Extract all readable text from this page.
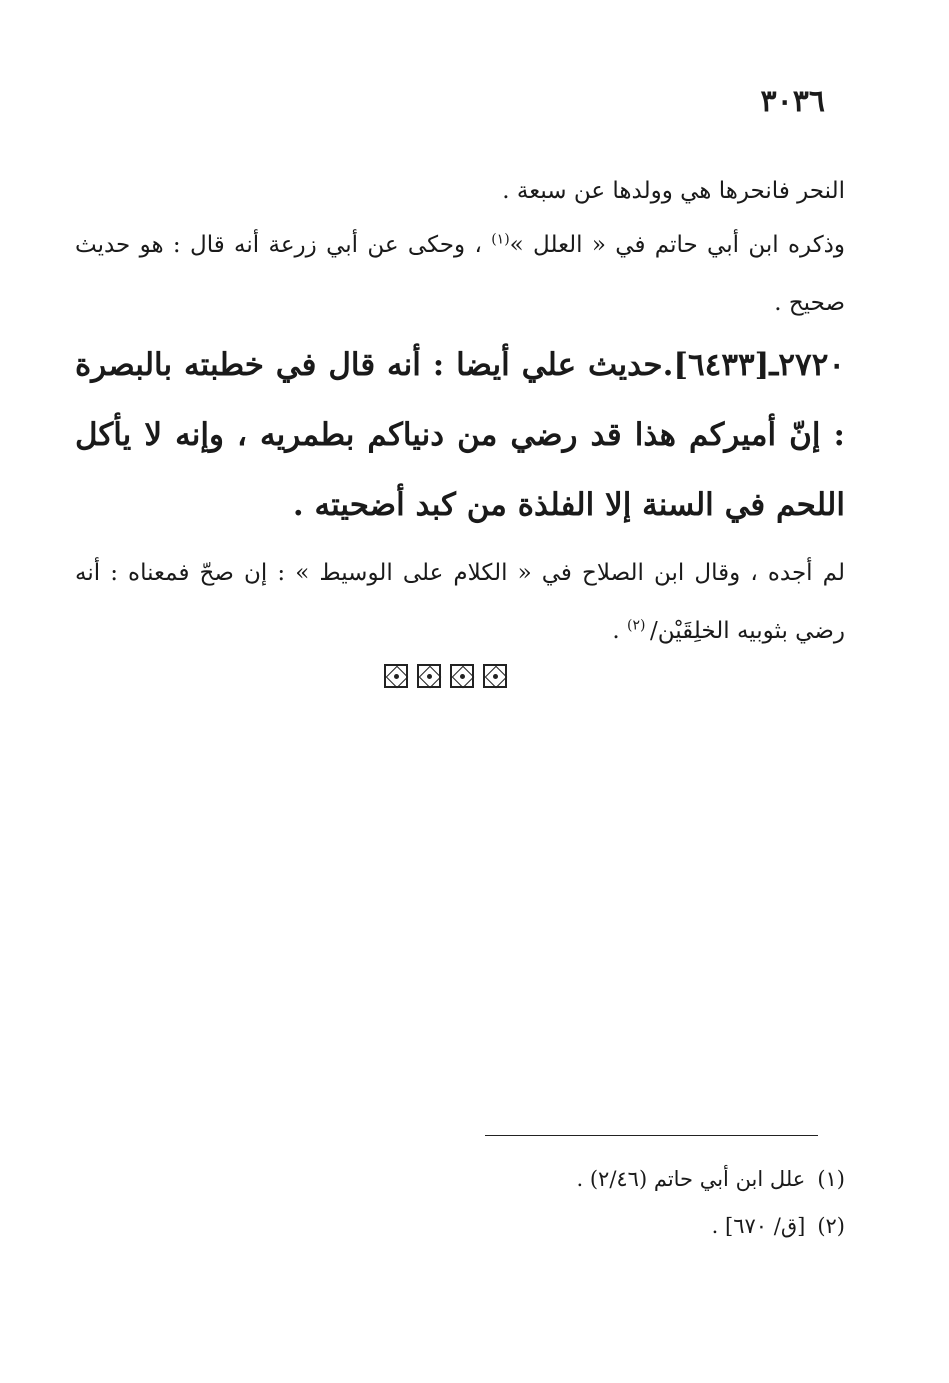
٣٠٣٦

النحر فانحرها هي وولدها عن سبعة .

وذكره ابن أبي حاتم في « العلل »$^{(١)}$ ، وحكى عن أبي زرعة أنه قال : هو حديث صحيح .

٢٧٢٠ـ[٦٤٣٣].حديث علي أيضا : أنه قال في خطبته بالبصرة : إنّ أميركم هذا قد رضي من دنياكم بطمريه ، وإنه لا يأكل اللحم في السنة إلا الفلذة من كبد أضحيته .

لم أجده ، وقال ابن الصلاح في « الكلام على الوسيط » : إن صحّ فمعناه : أنه رضي بثوبيه الخلِقَيْن/ $^{(٢)}$ .

(١)علل ابن أبي حاتم (٢/٤٦) .
(٢)[ق/ ٦٧٠] .
